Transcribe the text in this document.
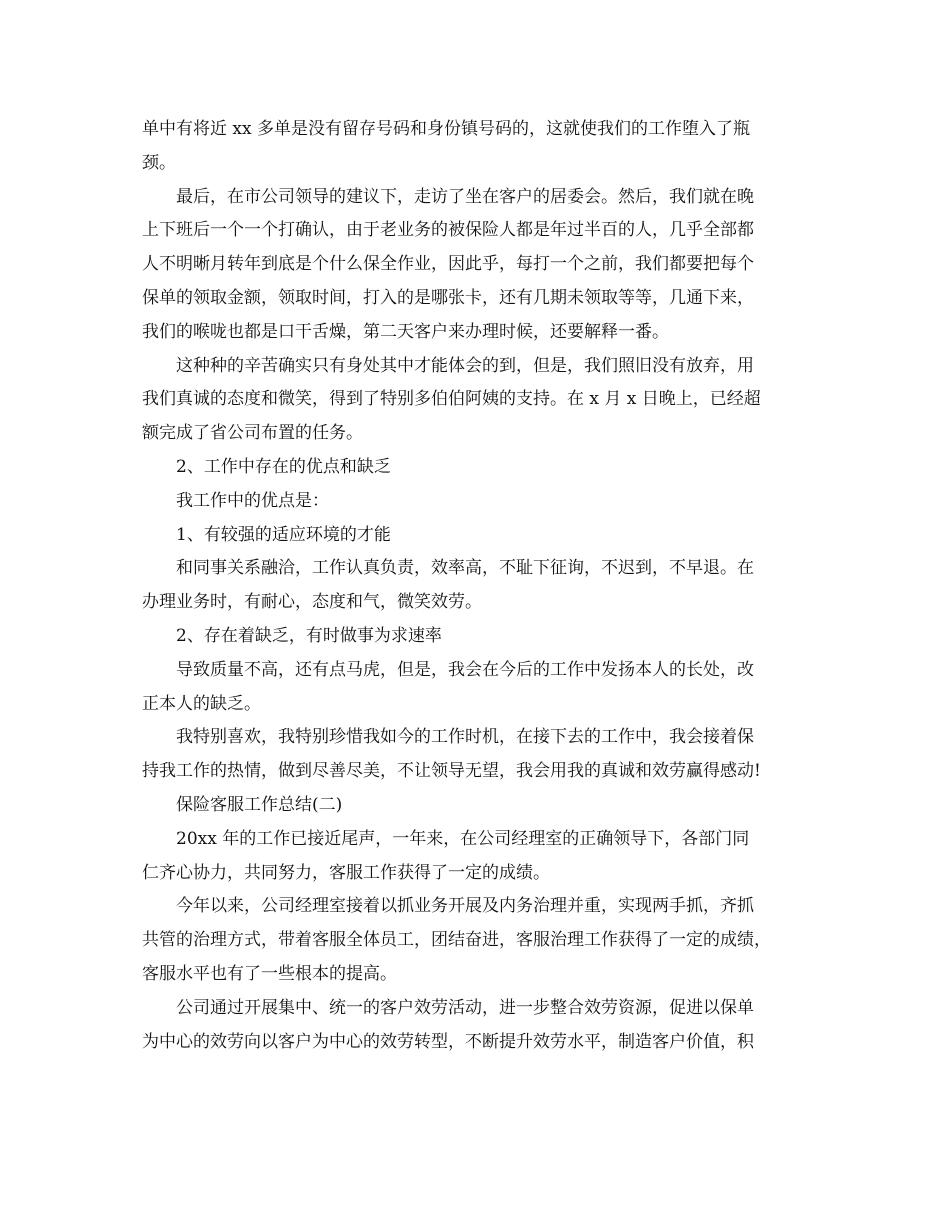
单中有将近 xx 多单是没有留存号码和身份镇号码的，这就使我们的工作堕入了瓶
颈。

最后，在市公司领导的建议下，走访了坐在客户的居委会。然后，我们就在晚
上下班后一个一个打确认，由于老业务的被保险人都是年过半百的人，几乎全部都
人不明晰月转年到底是个什么保全作业，因此乎，每打一个之前，我们都要把每个
保单的领取金额，领取时间，打入的是哪张卡，还有几期未领取等等，几通下来，
我们的喉咙也都是口干舌燥，第二天客户来办理时候，还要解释一番。

这种种的辛苦确实只有身处其中才能体会的到，但是，我们照旧没有放弃，用
我们真诚的态度和微笑，得到了特别多伯伯阿姨的支持。在 x 月 x 日晚上，已经超
额完成了省公司布置的任务。

2、工作中存在的优点和缺乏

我工作中的优点是：

1、有较强的适应环境的才能

和同事关系融洽，工作认真负责，效率高，不耻下征询，不迟到，不早退。在
办理业务时，有耐心，态度和气，微笑效劳。

2、存在着缺乏，有时做事为求速率

导致质量不高，还有点马虎，但是，我会在今后的工作中发扬本人的长处，改
正本人的缺乏。

我特别喜欢，我特别珍惜我如今的工作时机，在接下去的工作中，我会接着保
持我工作的热情，做到尽善尽美，不让领导无望，我会用我的真诚和效劳赢得感动!

保险客服工作总结(二)

20xx 年的工作已接近尾声，一年来，在公司经理室的正确领导下，各部门同
仁齐心协力，共同努力，客服工作获得了一定的成绩。

今年以来，公司经理室接着以抓业务开展及内务治理并重，实现两手抓，齐抓
共管的治理方式，带着客服全体员工，团结奋进，客服治理工作获得了一定的成绩，
客服水平也有了一些根本的提高。

公司通过开展集中、统一的客户效劳活动，进一步整合效劳资源，促进以保单
为中心的效劳向以客户为中心的效劳转型，不断提升效劳水平，制造客户价值，积
